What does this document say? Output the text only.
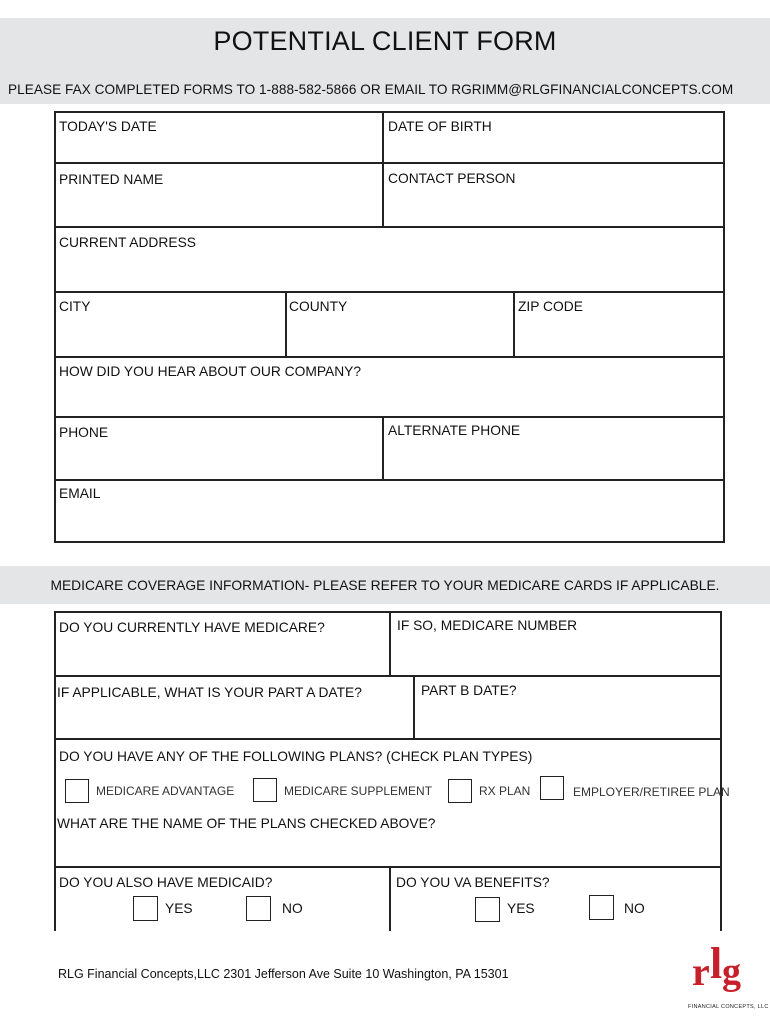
POTENTIAL CLIENT FORM
PLEASE FAX COMPLETED FORMS TO 1-888-582-5866 OR EMAIL TO RGRIMM@RLGFINANCIALCONCEPTS.COM
TODAY'S DATE	DATE OF BIRTH
PRINTED NAME	CONTACT PERSON
CURRENT ADDRESS
CITY	COUNTY	ZIP CODE
HOW DID YOU HEAR ABOUT OUR COMPANY?
PHONE	ALTERNATE PHONE
EMAIL
MEDICARE COVERAGE INFORMATION- PLEASE REFER TO YOUR MEDICARE CARDS IF APPLICABLE.
DO YOU CURRENTLY HAVE MEDICARE?	IF SO, MEDICARE NUMBER
IF APPLICABLE, WHAT IS YOUR PART A DATE?	PART B DATE?
DO YOU HAVE ANY OF THE FOLLOWING PLANS? (CHECK PLAN TYPES)
MEDICARE ADVANTAGE	MEDICARE SUPPLEMENT	RX PLAN	EMPLOYER/RETIREE PLAN
WHAT ARE THE NAME OF THE PLANS CHECKED ABOVE?
DO YOU ALSO HAVE MEDICAID?
YES	NO
DO YOU VA BENEFITS?
YES	NO
RLG Financial Concepts,LLC 2301 Jefferson Ave Suite 10 Washington, PA 15301	r l g
FINANCIAL CONCEPTS, LLC
